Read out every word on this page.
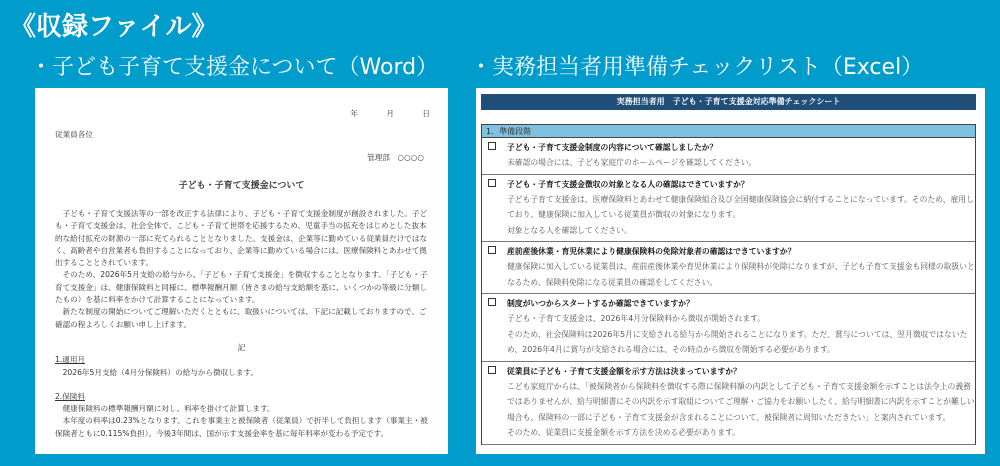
《収録ファイル》
・子ども子育て支援金について（Word） ・実務担当者用準備チェックリスト（Excel）
年 月 日
従業員各位
管理部　○○○○
子ども・子育て支援金について

子ども・子育て支援法等の一部を改正する法律により、子ども・子育て支援金制度が創設されました。子ども・子育て支援金は、社会全体で、こども・子育て世帯を応援するため、児童手当の拡充をはじめとした抜本的な給付拡充の財源の一部に充てられることとなりました。支援金は、企業等に勤めている従業員だけではなく、高齢者や自営業者も負担することになっており、企業等に勤めている場合には、医療保険料とあわせて拠出することとされています。

そのため、2026年5月支給の給与から、「子ども・子育て支援金」を徴収することとなります。「子ども・子育て支援金」は、健康保険料と同様に、標準報酬月額（皆さまの給与支給額を基に、いくつかの等級に分類したもの）を基に料率をかけて計算することになっています。

新たな制度の開始についてご理解いただくとともに、取扱いについては、下記に記載しておりますので、ご確認の程よろしくお願い申し上げます。

記
1.適用月

2026年5月支給（4月分保険料）の給与から徴収します。

2.保険料

健康保険料の標準報酬月額に対し、料率を掛けて計算します。

本年度の料率は0.23%となります。これを事業主と被保険者（従業員）で折半して負担します（事業主・被保険者ともに0.115%負担）。今後3年間は、国が示す支援金率を基に毎年料率が変わる予定です。

実務担当者用　子ども・子育て支援金対応準備チェックシート
1．準備段階
子ども・子育て支援金制度の内容について確認しましたか？
未確認の場合には、子ども家庭庁のホームページを確認してください。
子ども・子育て支援金徴収の対象となる人の確認はできていますか？
子ども子育て支援金は、医療保険料とあわせて健康保険組合及び全国健康保険協会に納付することになっています。そのため、雇用しており、健康保険に加入している従業員が徴収の対象になります。
対象となる人を確認してください。
産前産後休業・育児休業により健康保険料の免除対象者の確認はできていますか？
健康保険に加入している従業員は、産前産後休業や育児休業により保険料が免除になりますが、子ども子育て支援金も同様の取扱いとなるため、保険料免除になる従業員の確認をしてください。
制度がいつからスタートするか確認できていますか？
子ども・子育て支援金は、2026年4月分保険料から徴収が開始されます。
そのため、社会保険料は2026年5月に支給される給与から開始されることになります。ただ、賞与については、翌月徴収ではないため、2026年4月に賞与が支給される場合には、その時点から徴収を開始する必要があります。
従業員に子ども・子育て支援金額を示す方法は決まっていますか？
こども家庭庁からは、「被保険者から保険料を徴収する際に保険料額の内訳として子ども・子育て支援金額を示すことは法令上の義務ではありませんが、給与明細書にその内訳を示す取組についてご理解・ご協力をお願いしたく、給与明細書に内訳を示すことが難しい場合も、保険料の一部に子ども・子育て支援金が含まれることについて、被保険者に周知いただきたい」と案内されています。
そのため、従業員に支援金額を示す方法を決める必要があります。
